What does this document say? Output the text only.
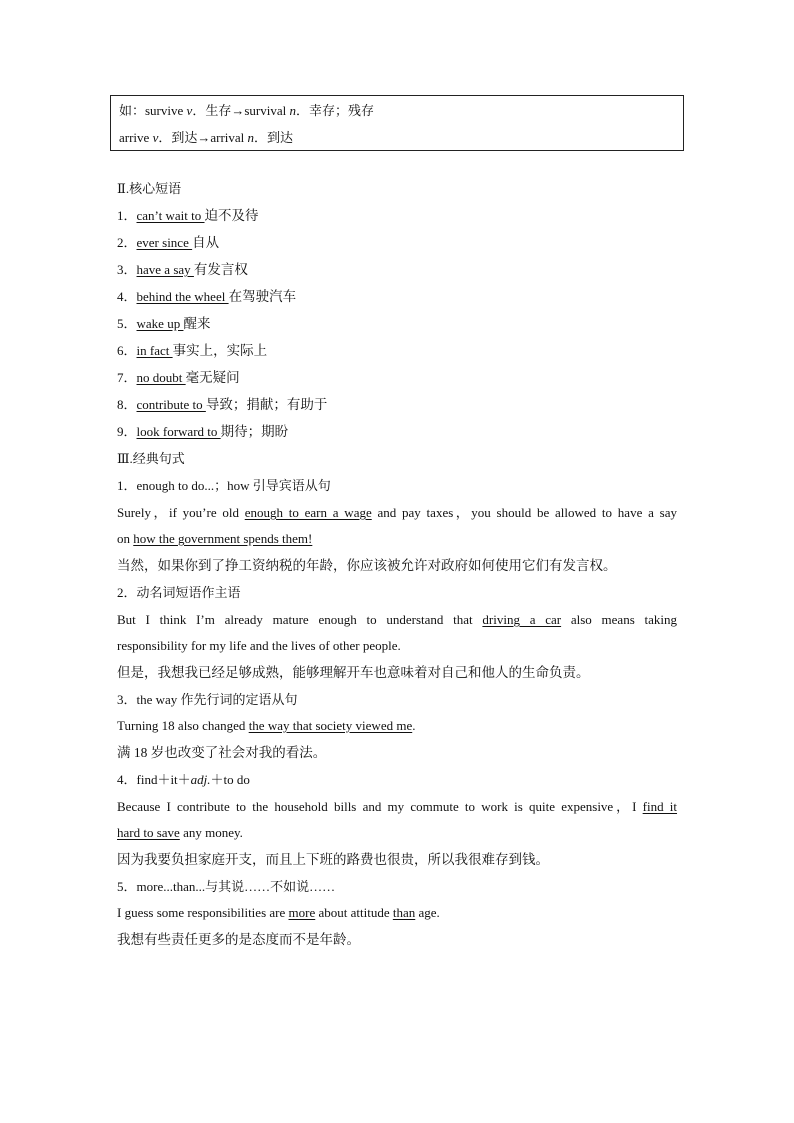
如：survive v．生存→survival n．幸存；残存
arrive v．到达→arrival n．到达
Ⅱ.核心短语
1．can’t wait to 迫不及待
2．ever since 自从
3．have a say 有发言权
4．behind the wheel 在驾驶汽车
5．wake up 醒来
6．in fact 事实上，实际上
7．no doubt 毫无疑问
8．contribute to 导致；捐献；有助于
9．look forward to 期待；期盼
Ⅲ.经典句式
1．enough to do...；how 引导宾语从句
Surely，if you’re old enough to earn a wage and pay taxes，you should be allowed to have a say
on how the government spends them!
当然，如果你到了挣工资纳税的年龄，你应该被允许对政府如何使用它们有发言权。
2．动名词短语作主语
But I think I’m already mature enough to understand that driving a car also means taking
responsibility for my life and the lives of other people.
但是，我想我已经足够成熟，能够理解开车也意味着对自己和他人的生命负责。
3．the way 作先行词的定语从句
Turning 18 also changed the way that society viewed me.
满 18 岁也改变了社会对我的看法。
4．find＋it＋adj.＋to do
Because I contribute to the household bills and my commute to work is quite expensive，I find it
hard to save any money.
因为我要负担家庭开支，而且上下班的路费也很贵，所以我很难存到钱。
5．more...than...与其说……不如说……
I guess some responsibilities are more about attitude than age.
我想有些责任更多的是态度而不是年龄。
